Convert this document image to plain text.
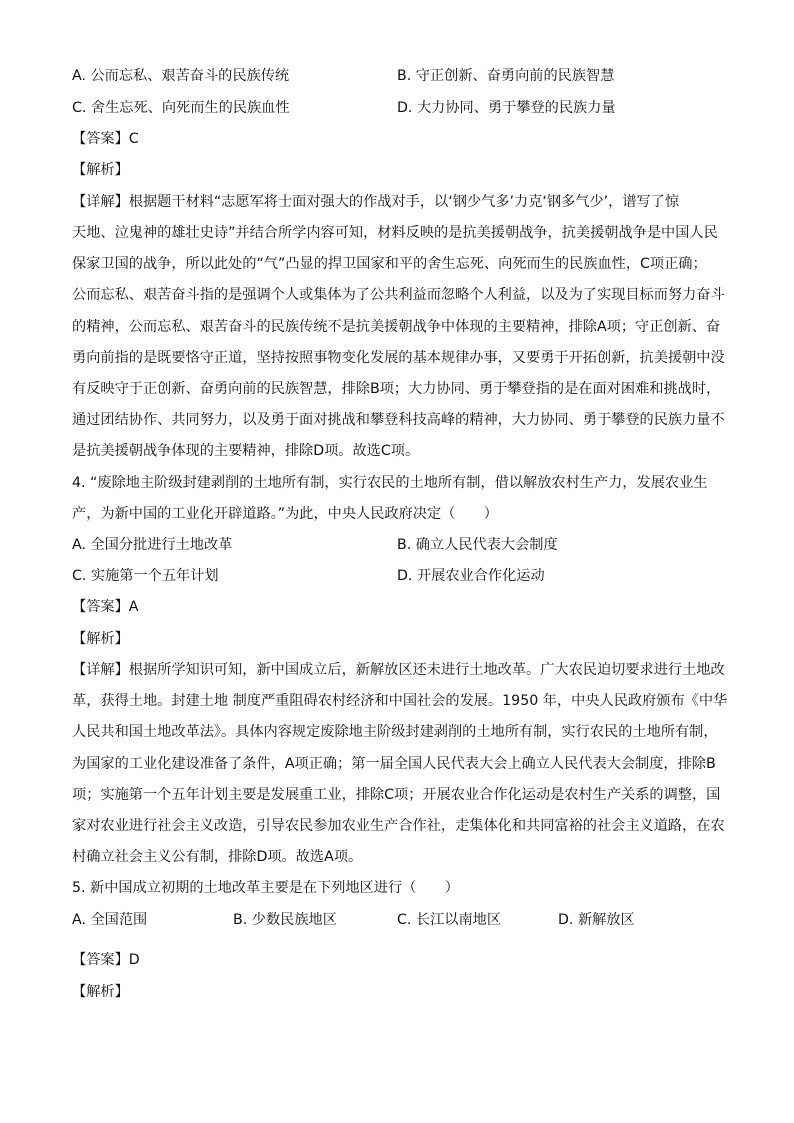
A. 公而忘私、艰苦奋斗的民族传统	B. 守正创新、奋勇向前的民族智慧
C. 舍生忘死、向死而生的民族血性	D. 大力协同、勇于攀登的民族力量
【答案】C
【解析】
【详解】根据题干材料“志愿军将士面对强大的作战对手，以‘钢少气多’力克‘钢多气少’，谱写了惊
天地、泣鬼神的雄壮史诗”并结合所学内容可知，材料反映的是抗美援朝战争，抗美援朝战争是中国人民
保家卫国的战争，所以此处的“气”凸显的捍卫国家和平的舍生忘死、向死而生的民族血性，C项正确；
公而忘私、艰苦奋斗指的是强调个人或集体为了公共利益而忽略个人利益，以及为了实现目标而努力奋斗
的精神，公而忘私、艰苦奋斗的民族传统不是抗美援朝战争中体现的主要精神，排除A项；守正创新、奋
勇向前指的是既要恪守正道，坚持按照事物变化发展的基本规律办事，又要勇于开拓创新，抗美援朝中没
有反映守于正创新、奋勇向前的民族智慧，排除B项；大力协同、勇于攀登指的是在面对困难和挑战时，
通过团结协作、共同努力，以及勇于面对挑战和攀登科技高峰的精神，大力协同、勇于攀登的民族力量不
是抗美援朝战争体现的主要精神，排除D项。故选C项。
4. “废除地主阶级封建剥削的土地所有制，实行农民的土地所有制，借以解放农村生产力，发展农业生
产，为新中国的工业化开辟道路。”为此，中央人民政府决定（　　）
A. 全国分批进行土地改革	B. 确立人民代表大会制度
C. 实施第一个五年计划	D. 开展农业合作化运动
【答案】A
【解析】
【详解】根据所学知识可知，新中国成立后，新解放区还未进行土地改革。广大农民迫切要求进行土地改
革，获得土地。封建土地 制度严重阻碍农村经济和中国社会的发展。1950 年，中央人民政府颁布《中华
人民共和国土地改革法》。具体内容规定废除地主阶级封建剥削的土地所有制，实行农民的土地所有制，
为国家的工业化建设准备了条件，A项正确；第一届全国人民代表大会上确立人民代表大会制度，排除B
项；实施第一个五年计划主要是发展重工业，排除C项；开展农业合作化运动是农村生产关系的调整，国
家对农业进行社会主义改造，引导农民参加农业生产合作社，走集体化和共同富裕的社会主义道路，在农
村确立社会主义公有制，排除D项。故选A项。
5. 新中国成立初期的土地改革主要是在下列地区进行（　　）
A. 全国范围	B. 少数民族地区	C. 长江以南地区	D. 新解放区
【答案】D
【解析】
